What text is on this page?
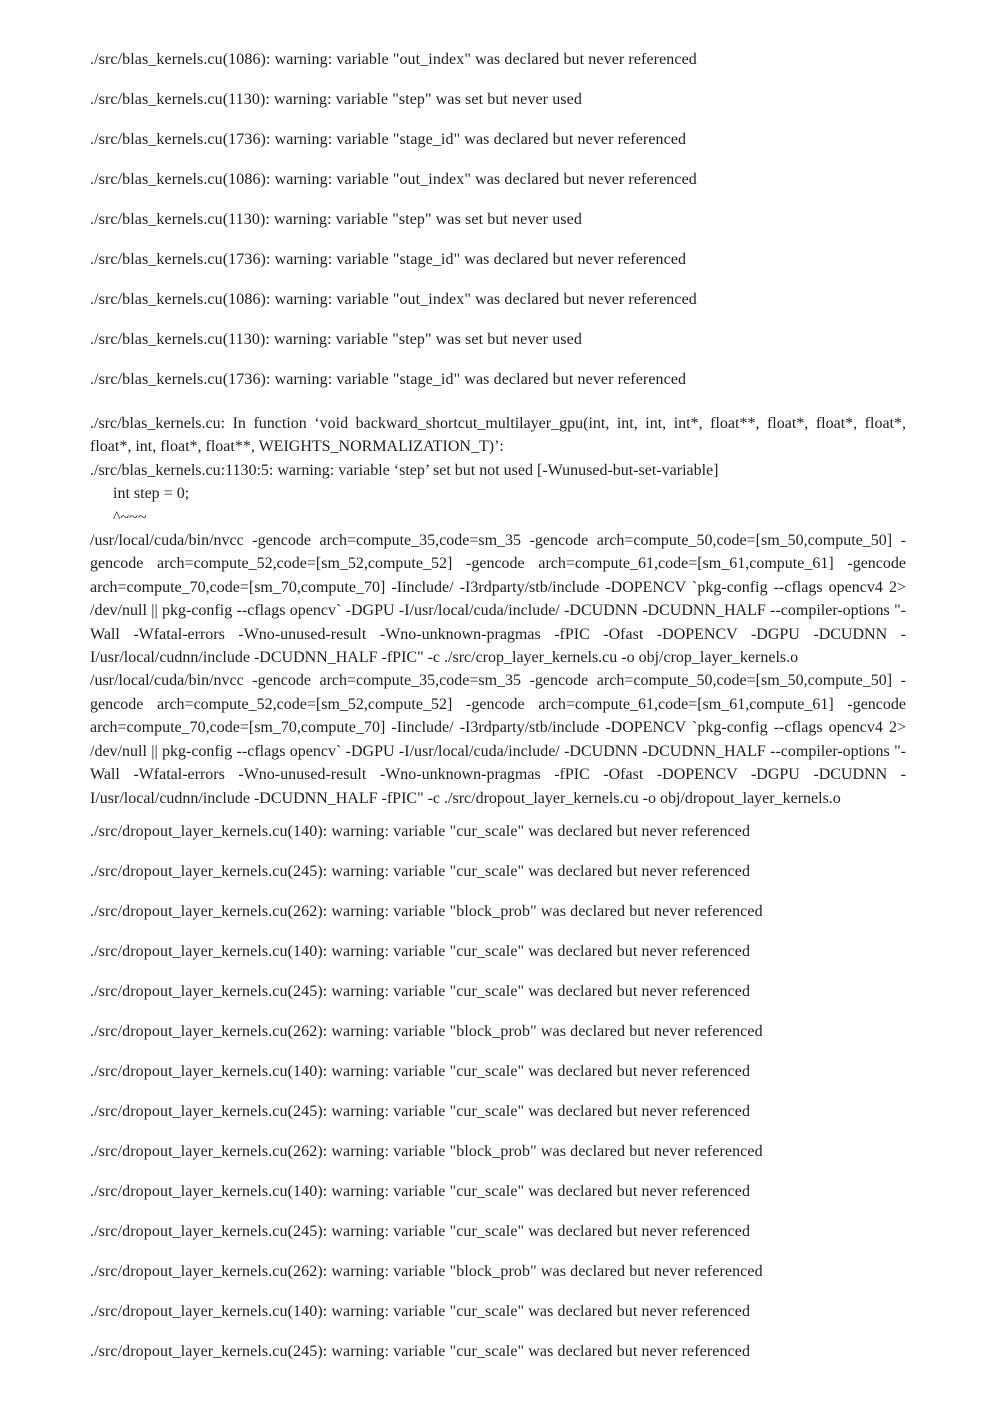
./src/blas_kernels.cu(1086): warning: variable "out_index" was declared but never referenced
./src/blas_kernels.cu(1130): warning: variable "step" was set but never used
./src/blas_kernels.cu(1736): warning: variable "stage_id" was declared but never referenced
./src/blas_kernels.cu(1086): warning: variable "out_index" was declared but never referenced
./src/blas_kernels.cu(1130): warning: variable "step" was set but never used
./src/blas_kernels.cu(1736): warning: variable "stage_id" was declared but never referenced
./src/blas_kernels.cu(1086): warning: variable "out_index" was declared but never referenced
./src/blas_kernels.cu(1130): warning: variable "step" was set but never used
./src/blas_kernels.cu(1736): warning: variable "stage_id" was declared but never referenced
./src/blas_kernels.cu: In function ‘void backward_shortcut_multilayer_gpu(int, int, int, int*, float**, float*, float*, float*, float*, int, float*, float**, WEIGHTS_NORMALIZATION_T)’:
./src/blas_kernels.cu:1130:5: warning: variable ‘step’ set but not used [-Wunused-but-set-variable]
int step = 0;
^~~~
/usr/local/cuda/bin/nvcc -gencode arch=compute_35,code=sm_35 -gencode arch=compute_50,code=[sm_50,compute_50] -gencode arch=compute_52,code=[sm_52,compute_52] -gencode arch=compute_61,code=[sm_61,compute_61] -gencode arch=compute_70,code=[sm_70,compute_70] -Iinclude/ -I3rdparty/stb/include -DOPENCV `pkg-config --cflags opencv4 2> /dev/null || pkg-config --cflags opencv` -DGPU -I/usr/local/cuda/include/ -DCUDNN -DCUDNN_HALF --compiler-options "-Wall -Wfatal-errors -Wno-unused-result -Wno-unknown-pragmas -fPIC -Ofast -DOPENCV -DGPU -DCUDNN -I/usr/local/cudnn/include -DCUDNN_HALF -fPIC" -c ./src/crop_layer_kernels.cu -o obj/crop_layer_kernels.o
/usr/local/cuda/bin/nvcc -gencode arch=compute_35,code=sm_35 -gencode arch=compute_50,code=[sm_50,compute_50] -gencode arch=compute_52,code=[sm_52,compute_52] -gencode arch=compute_61,code=[sm_61,compute_61] -gencode arch=compute_70,code=[sm_70,compute_70] -Iinclude/ -I3rdparty/stb/include -DOPENCV `pkg-config --cflags opencv4 2> /dev/null || pkg-config --cflags opencv` -DGPU -I/usr/local/cuda/include/ -DCUDNN -DCUDNN_HALF --compiler-options "-Wall -Wfatal-errors -Wno-unused-result -Wno-unknown-pragmas -fPIC -Ofast -DOPENCV -DGPU -DCUDNN -I/usr/local/cudnn/include -DCUDNN_HALF -fPIC" -c ./src/dropout_layer_kernels.cu -o obj/dropout_layer_kernels.o
./src/dropout_layer_kernels.cu(140): warning: variable "cur_scale" was declared but never referenced
./src/dropout_layer_kernels.cu(245): warning: variable "cur_scale" was declared but never referenced
./src/dropout_layer_kernels.cu(262): warning: variable "block_prob" was declared but never referenced
./src/dropout_layer_kernels.cu(140): warning: variable "cur_scale" was declared but never referenced
./src/dropout_layer_kernels.cu(245): warning: variable "cur_scale" was declared but never referenced
./src/dropout_layer_kernels.cu(262): warning: variable "block_prob" was declared but never referenced
./src/dropout_layer_kernels.cu(140): warning: variable "cur_scale" was declared but never referenced
./src/dropout_layer_kernels.cu(245): warning: variable "cur_scale" was declared but never referenced
./src/dropout_layer_kernels.cu(262): warning: variable "block_prob" was declared but never referenced
./src/dropout_layer_kernels.cu(140): warning: variable "cur_scale" was declared but never referenced
./src/dropout_layer_kernels.cu(245): warning: variable "cur_scale" was declared but never referenced
./src/dropout_layer_kernels.cu(262): warning: variable "block_prob" was declared but never referenced
./src/dropout_layer_kernels.cu(140): warning: variable "cur_scale" was declared but never referenced
./src/dropout_layer_kernels.cu(245): warning: variable "cur_scale" was declared but never referenced
